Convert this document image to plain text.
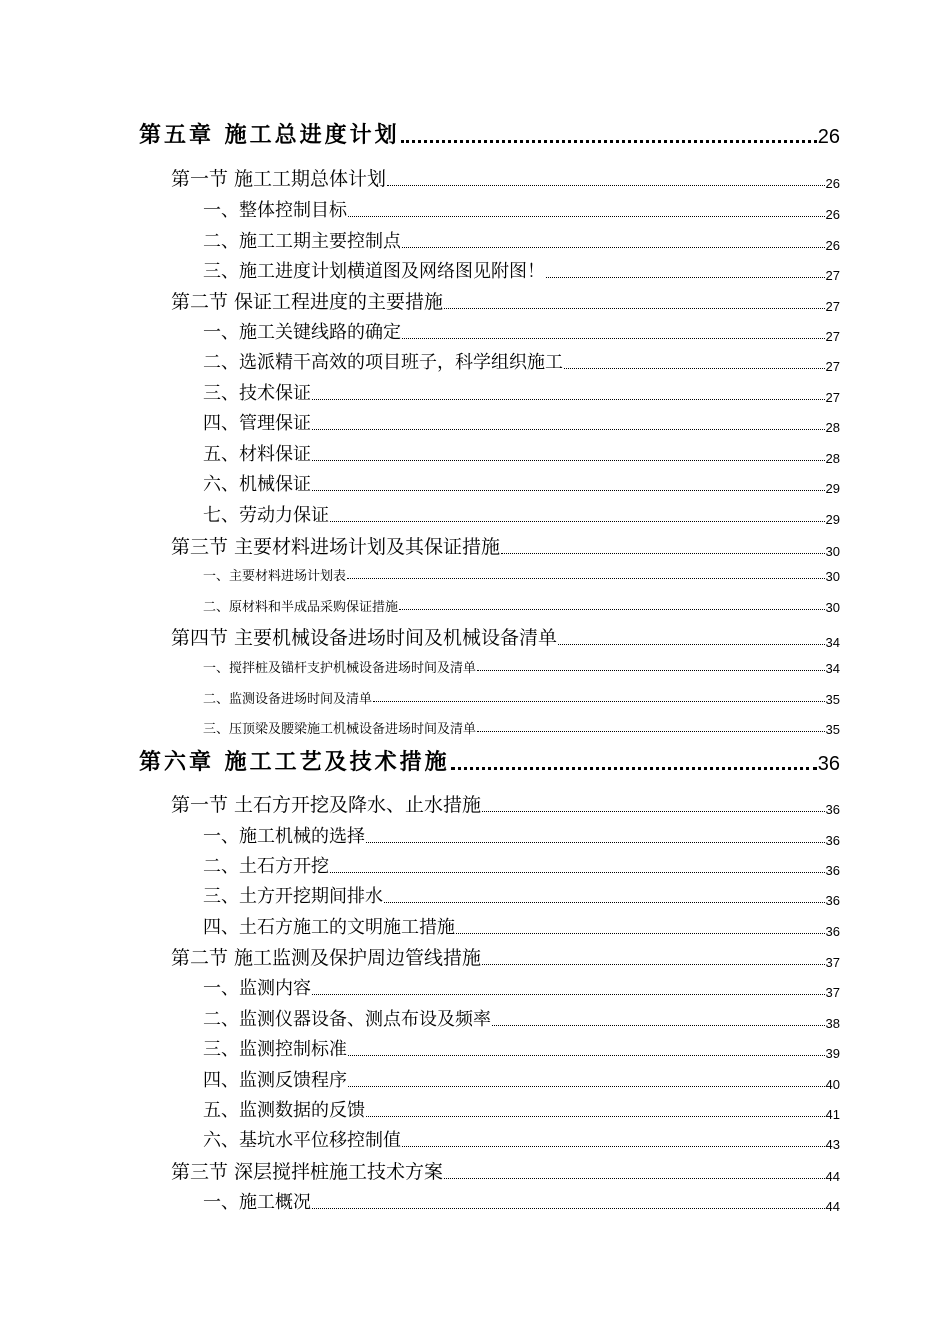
第五章 施工总进度计划	26
第一节 施工工期总体计划	26
一、整体控制目标	26
二、施工工期主要控制点	26
三、施工进度计划横道图及网络图见附图！	27
第二节 保证工程进度的主要措施	27
一、施工关键线路的确定	27
二、选派精干高效的项目班子，科学组织施工	27
三、技术保证	27
四、管理保证	28
五、材料保证	28
六、机械保证	29
七、劳动力保证	29
第三节 主要材料进场计划及其保证措施	30
一、主要材料进场计划表	30
二、原材料和半成品采购保证措施	30
第四节 主要机械设备进场时间及机械设备清单	34
一、搅拌桩及锚杆支护机械设备进场时间及清单	34
二、监测设备进场时间及清单	35
三、压顶梁及腰梁施工机械设备进场时间及清单	35
第六章 施工工艺及技术措施	36
第一节 土石方开挖及降水、止水措施	36
一、施工机械的选择	36
二、土石方开挖	36
三、土方开挖期间排水	36
四、土石方施工的文明施工措施	36
第二节 施工监测及保护周边管线措施	37
一、监测内容	37
二、监测仪器设备、测点布设及频率	38
三、监测控制标准	39
四、监测反馈程序	40
五、监测数据的反馈	41
六、基坑水平位移控制值	43
第三节 深层搅拌桩施工技术方案	44
一、施工概况	44
